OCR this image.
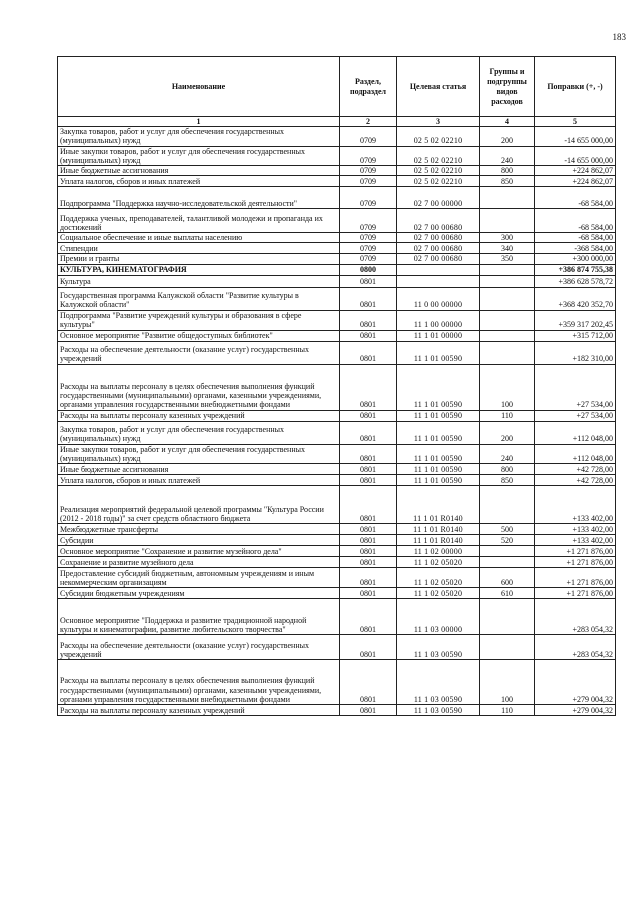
183
Наименование	Раздел, подраздел	Целевая статья	Группы и подгруппы видов расходов	Поправки (+, -)
1	2	3	4	5
Закупка товаров, работ и услуг для обеспечения государственных (муниципальных) нужд	0709	02 5 02 02210	200	-14 655 000,00
Иные закупки товаров, работ и услуг для обеспечения государственных (муниципальных) нужд	0709	02 5 02 02210	240	-14 655 000,00
Иные бюджетные ассигнования	0709	02 5 02 02210	800	+224 862,07
Уплата налогов, сборов и иных платежей	0709	02 5 02 02210	850	+224 862,07
Подпрограмма "Поддержка научно-исследовательской деятельности"	0709	02 7 00 00000		-68 584,00
Поддержка ученых, преподавателей, талантливой молодежи и пропаганда их достижений	0709	02 7 00 00680		-68 584,00
Социальное обеспечение и иные выплаты населению	0709	02 7 00 00680	300	-68 584,00
Стипендии	0709	02 7 00 00680	340	-368 584,00
Премии и гранты	0709	02 7 00 00680	350	+300 000,00
КУЛЬТУРА, КИНЕМАТОГРАФИЯ	0800			+386 874 755,38
Культура	0801			+386 628 578,72
Государственная программа Калужской области "Развитие культуры в Калужской области"	0801	11 0 00 00000		+368 420 352,70
Подпрограмма "Развитие учреждений культуры и образования в сфере культуры"	0801	11 1 00 00000		+359 317 202,45
Основное мероприятие "Развитие общедоступных библиотек"	0801	11 1 01 00000		+315 712,00
Расходы на обеспечение деятельности (оказание услуг) государственных учреждений	0801	11 1 01 00590		+182 310,00
Расходы на выплаты персоналу в целях обеспечения выполнения функций государственными (муниципальными) органами, казенными учреждениями, органами управления государственными внебюджетными фондами	0801	11 1 01 00590	100	+27 534,00
Расходы на выплаты персоналу казенных учреждений	0801	11 1 01 00590	110	+27 534,00
Закупка товаров, работ и услуг для обеспечения государственных (муниципальных) нужд	0801	11 1 01 00590	200	+112 048,00
Иные закупки товаров, работ и услуг для обеспечения государственных (муниципальных) нужд	0801	11 1 01 00590	240	+112 048,00
Иные бюджетные ассигнования	0801	11 1 01 00590	800	+42 728,00
Уплата налогов, сборов и иных платежей	0801	11 1 01 00590	850	+42 728,00
Реализация мероприятий федеральной целевой программы "Культура России (2012 - 2018 годы)" за счет средств областного бюджета	0801	11 1 01 R0140		+133 402,00
Межбюджетные трансферты	0801	11 1 01 R0140	500	+133 402,00
Субсидии	0801	11 1 01 R0140	520	+133 402,00
Основное мероприятие "Сохранение и развитие музейного дела"	0801	11 1 02 00000		+1 271 876,00
Сохранение и развитие музейного дела	0801	11 1 02 05020		+1 271 876,00
Предоставление субсидий бюджетным, автономным учреждениям и иным некоммерческим организациям	0801	11 1 02 05020	600	+1 271 876,00
Субсидии бюджетным учреждениям	0801	11 1 02 05020	610	+1 271 876,00
Основное мероприятие "Поддержка и развитие традиционной народной культуры и кинематографии, развитие любительского творчества"	0801	11 1 03 00000		+283 054,32
Расходы на обеспечение деятельности (оказание услуг) государственных учреждений	0801	11 1 03 00590		+283 054,32
Расходы на выплаты персоналу в целях обеспечения выполнения функций государственными (муниципальными) органами, казенными учреждениями, органами управления государственными внебюджетными фондами	0801	11 1 03 00590	100	+279 004,32
Расходы на выплаты персоналу казенных учреждений	0801	11 1 03 00590	110	+279 004,32
